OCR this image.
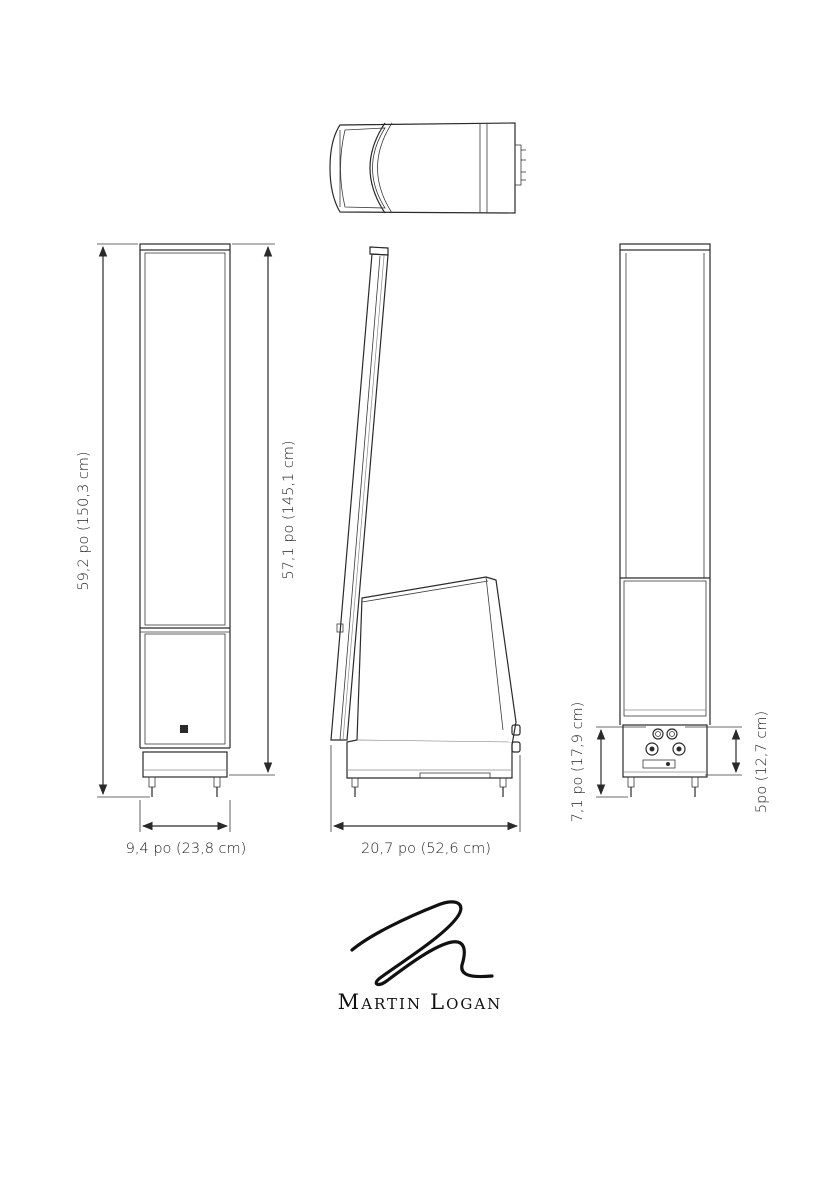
59,2 po (150,3 cm)	57,1 po (145,1 cm)
9,4 po (23,8 cm)	20,7 po (52,6 cm)
7,1 po (17,9 cm)	5po (12,7 cm)
MARTIN LOGAN
